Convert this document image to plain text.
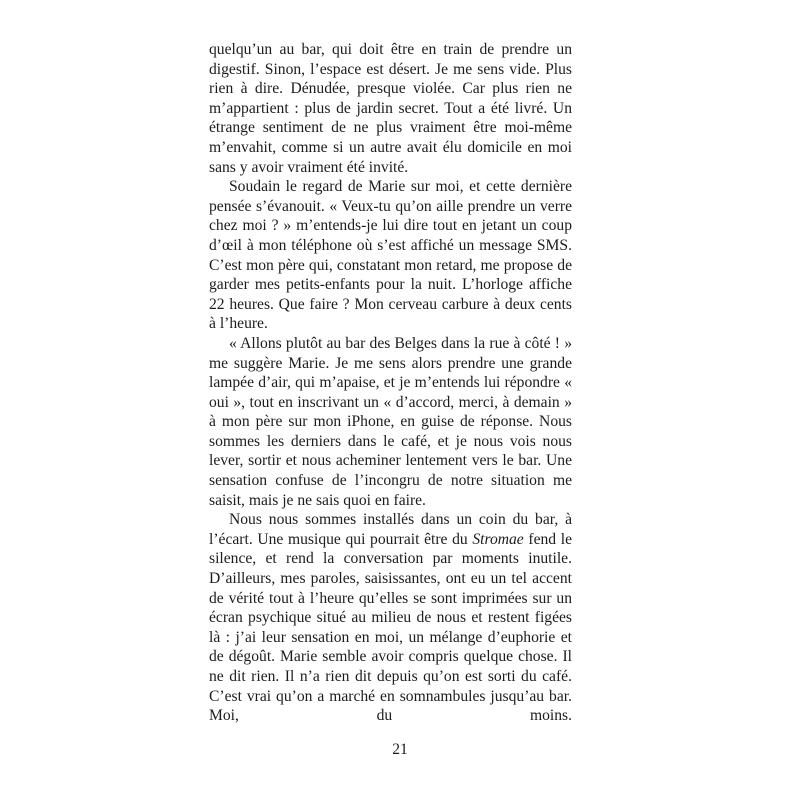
quelqu’un au bar, qui doit être en train de prendre un digestif. Sinon, l’espace est désert. Je me sens vide. Plus rien à dire. Dénudée, presque violée. Car plus rien ne m’appartient : plus de jardin secret. Tout a été livré. Un étrange sentiment de ne plus vraiment être moi-même m’envahit, comme si un autre avait élu domicile en moi sans y avoir vraiment été invité.

Soudain le regard de Marie sur moi, et cette dernière pensée s’évanouit. « Veux-tu qu’on aille prendre un verre chez moi ? » m’entends-je lui dire tout en jetant un coup d’œil à mon téléphone où s’est affiché un message SMS. C’est mon père qui, constatant mon retard, me propose de garder mes petits-enfants pour la nuit. L’horloge affiche 22 heures. Que faire ? Mon cerveau carbure à deux cents à l’heure.

« Allons plutôt au bar des Belges dans la rue à côté ! » me suggère Marie. Je me sens alors prendre une grande lampée d’air, qui m’apaise, et je m’entends lui répondre « oui », tout en inscrivant un « d’accord, merci, à demain » à mon père sur mon iPhone, en guise de réponse. Nous sommes les derniers dans le café, et je nous vois nous lever, sortir et nous acheminer lentement vers le bar. Une sensation confuse de l’incongru de notre situation me saisit, mais je ne sais quoi en faire.

Nous nous sommes installés dans un coin du bar, à l’écart. Une musique qui pourrait être du Stromae fend le silence, et rend la conversation par moments inutile. D’ailleurs, mes paroles, saisissantes, ont eu un tel accent de vérité tout à l’heure qu’elles se sont imprimées sur un écran psychique situé au milieu de nous et restent figées là : j’ai leur sensation en moi, un mélange d’euphorie et de dégoût. Marie semble avoir compris quelque chose. Il ne dit rien. Il n’a rien dit depuis qu’on est sorti du café. C’est vrai qu’on a marché en somnambules jusqu’au bar. Moi, du moins.

21
